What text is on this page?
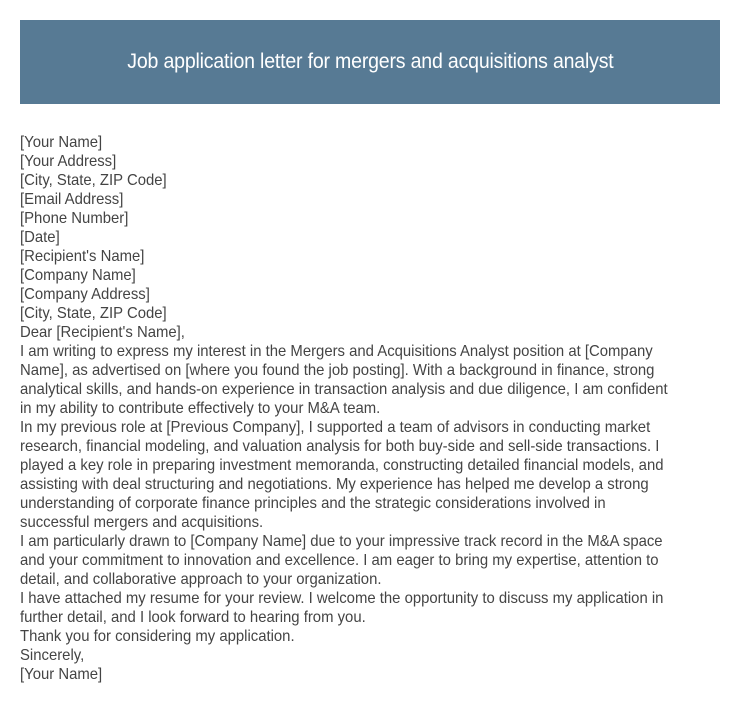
Job application letter for mergers and acquisitions analyst
[Your Name]
[Your Address]
[City, State, ZIP Code]
[Email Address]
[Phone Number]
[Date]
[Recipient's Name]
[Company Name]
[Company Address]
[City, State, ZIP Code]
Dear [Recipient's Name],
I am writing to express my interest in the Mergers and Acquisitions Analyst position at [Company
Name], as advertised on [where you found the job posting]. With a background in finance, strong
analytical skills, and hands-on experience in transaction analysis and due diligence, I am confident
in my ability to contribute effectively to your M&A team.
In my previous role at [Previous Company], I supported a team of advisors in conducting market
research, financial modeling, and valuation analysis for both buy-side and sell-side transactions. I
played a key role in preparing investment memoranda, constructing detailed financial models, and
assisting with deal structuring and negotiations. My experience has helped me develop a strong
understanding of corporate finance principles and the strategic considerations involved in
successful mergers and acquisitions.
I am particularly drawn to [Company Name] due to your impressive track record in the M&A space
and your commitment to innovation and excellence. I am eager to bring my expertise, attention to
detail, and collaborative approach to your organization.
I have attached my resume for your review. I welcome the opportunity to discuss my application in
further detail, and I look forward to hearing from you.
Thank you for considering my application.
Sincerely,
[Your Name]
